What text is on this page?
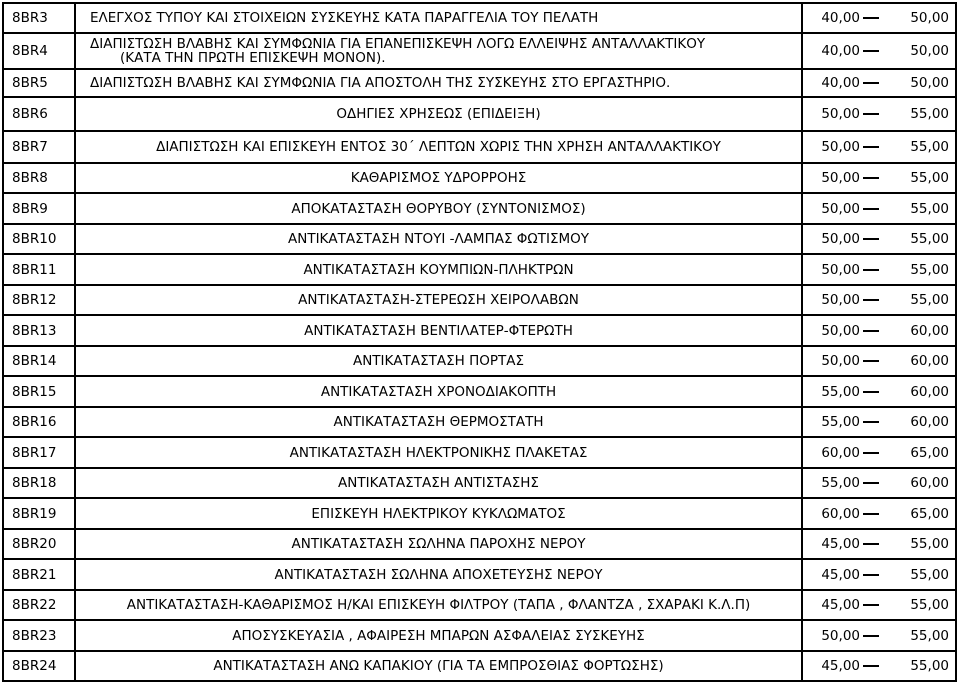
8BR3	ΕΛΕΓΧΟΣ ΤΥΠΟΥ ΚΑΙ ΣΤΟΙΧΕΙΩΝ ΣΥΣΚΕΥΗΣ ΚΑΤΑ ΠΑΡΑΓΓΕΛΙΑ ΤΟΥ ΠΕΛΑΤΗ	40,00		50,00
8BR4	ΔΙΑΠΙΣΤΩΣΗ ΒΛΑΒΗΣ ΚΑΙ ΣΥΜΦΩΝΙΑ ΓΙΑ ΕΠΑΝΕΠΙΣΚΕΨΗ ΛΟΓΩ ΕΛΛΕΙΨΗΣ ΑΝΤΑΛΛΑΚΤΙΚΟΥ
(ΚΑΤΑ ΤΗΝ ΠΡΩΤΗ ΕΠΙΣΚΕΨΗ ΜΟΝΟΝ).	40,00		50,00
8BR5	ΔΙΑΠΙΣΤΩΣΗ ΒΛΑΒΗΣ ΚΑΙ ΣΥΜΦΩΝΙΑ ΓΙΑ ΑΠΟΣΤΟΛΗ ΤΗΣ ΣΥΣΚΕΥΗΣ ΣΤΟ ΕΡΓΑΣΤΗΡΙΟ.	40,00		50,00
8BR6	ΟΔΗΓΙΕΣ ΧΡΗΣΕΩΣ (ΕΠΙΔΕΙΞΗ)	50,00		55,00
8BR7	ΔΙΑΠΙΣΤΩΣΗ ΚΑΙ ΕΠΙΣΚΕΥΗ ΕΝΤΟΣ 30΄ ΛΕΠΤΩΝ ΧΩΡΙΣ ΤΗΝ ΧΡΗΣΗ ΑΝΤΑΛΛΑΚΤΙΚΟΥ	50,00		55,00
8BR8	ΚΑΘΑΡΙΣΜΟΣ ΥΔΡΟΡΡΟΗΣ	50,00		55,00
8BR9	ΑΠΟΚΑΤΑΣΤΑΣΗ ΘΟΡΥΒΟΥ (ΣΥΝΤΟΝΙΣΜΟΣ)	50,00		55,00
8BR10	ΑΝΤΙΚΑΤΑΣΤΑΣΗ ΝΤΟΥΙ -ΛΑΜΠΑΣ ΦΩΤΙΣΜΟΥ	50,00		55,00
8BR11	ΑΝΤΙΚΑΤΑΣΤΑΣΗ ΚΟΥΜΠΙΩΝ-ΠΛΗΚΤΡΩΝ	50,00		55,00
8BR12	ΑΝΤΙΚΑΤΑΣΤΑΣΗ-ΣΤΕΡΕΩΣΗ ΧΕΙΡΟΛΑΒΩΝ	50,00		55,00
8BR13	ΑΝΤΙΚΑΤΑΣΤΑΣΗ ΒΕΝΤΙΛΑΤΕΡ-ΦΤΕΡΩΤΗ	50,00		60,00
8BR14	ΑΝΤΙΚΑΤΑΣΤΑΣΗ ΠΟΡΤΑΣ	50,00		60,00
8BR15	ΑΝΤΙΚΑΤΑΣΤΑΣΗ ΧΡΟΝΟΔΙΑΚΟΠΤΗ	55,00		60,00
8BR16	ΑΝΤΙΚΑΤΑΣΤΑΣΗ ΘΕΡΜΟΣΤΑΤΗ	55,00		60,00
8BR17	ΑΝΤΙΚΑΤΑΣΤΑΣΗ ΗΛΕΚΤΡΟΝΙΚΗΣ ΠΛΑΚΕΤΑΣ	60,00		65,00
8BR18	ΑΝΤΙΚΑΤΑΣΤΑΣΗ ΑΝΤΙΣΤΑΣΗΣ	55,00		60,00
8BR19	ΕΠΙΣΚΕΥΗ ΗΛΕΚΤΡΙΚΟΥ ΚΥΚΛΩΜΑΤΟΣ	60,00		65,00
8BR20	ΑΝΤΙΚΑΤΑΣΤΑΣΗ ΣΩΛΗΝΑ ΠΑΡΟΧΗΣ ΝΕΡΟΥ	45,00		55,00
8BR21	ΑΝΤΙΚΑΤΑΣΤΑΣΗ ΣΩΛΗΝΑ ΑΠΟΧΕΤΕΥΣΗΣ ΝΕΡΟΥ	45,00		55,00
8BR22	ΑΝΤΙΚΑΤΑΣΤΑΣΗ-ΚΑΘΑΡΙΣΜΟΣ Η/ΚΑΙ ΕΠΙΣΚΕΥΗ ΦΙΛΤΡΟΥ (ΤΑΠΑ , ΦΛΑΝΤΖΑ , ΣΧΑΡΑΚΙ Κ.Λ.Π)	45,00		55,00
8BR23	ΑΠΟΣΥΣΚΕΥΑΣΙΑ , ΑΦΑΙΡΕΣΗ ΜΠΑΡΩΝ ΑΣΦΑΛΕΙΑΣ ΣΥΣΚΕΥΗΣ	50,00		55,00
8BR24	ΑΝΤΙΚΑΤΑΣΤΑΣΗ ΑΝΩ ΚΑΠΑΚΙΟΥ (ΓΙΑ ΤΑ ΕΜΠΡΟΣΘΙΑΣ ΦΟΡΤΩΣΗΣ)	45,00		55,00
